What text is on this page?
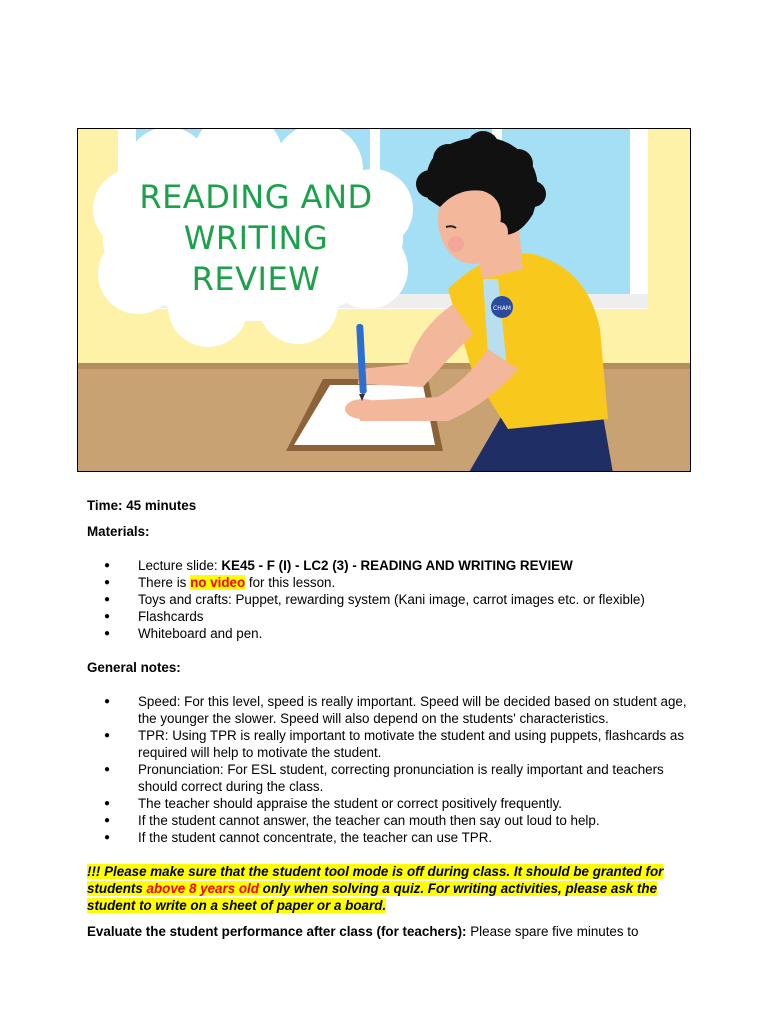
CHAM
READING AND
WRITING
REVIEW

Time: 45 minutes

Materials:

● Lecture slide: KE45 - F (I) - LC2 (3) - READING AND WRITING REVIEW
● There is no video for this lesson.
● Toys and crafts: Puppet, rewarding system (Kani image, carrot images etc. or flexible)
● Flashcards
● Whiteboard and pen.

General notes:

● Speed: For this level, speed is really important. Speed will be decided based on student age, the younger the slower. Speed will also depend on the students' characteristics.
● TPR: Using TPR is really important to motivate the student and using puppets, flashcards as required will help to motivate the student.
● Pronunciation: For ESL student, correcting pronunciation is really important and teachers should correct during the class.
● The teacher should appraise the student or correct positively frequently.
● If the student cannot answer, the teacher can mouth then say out loud to help.
● If the student cannot concentrate, the teacher can use TPR.

!!! Please make sure that the student tool mode is off during class. It should be granted for students above 8 years old only when solving a quiz. For writing activities, please ask the student to write on a sheet of paper or a board.

Evaluate the student performance after class (for teachers): Please spare five minutes to
